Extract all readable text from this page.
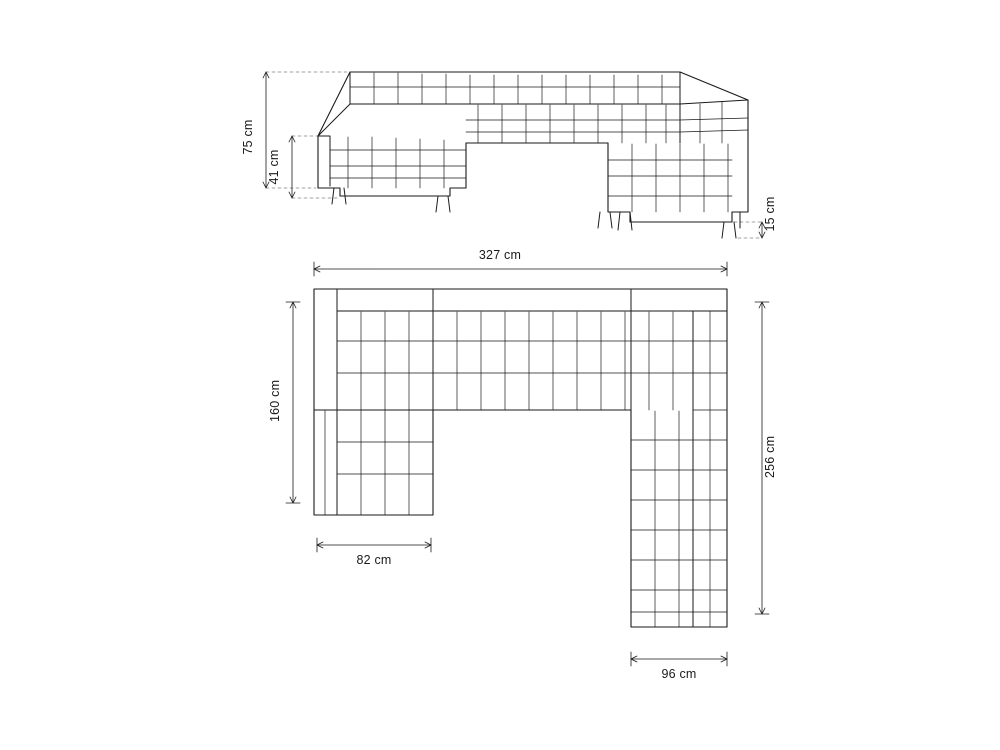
75 cm
41 cm
15 cm
327 cm
160 cm
256 cm
82 cm
96 cm
